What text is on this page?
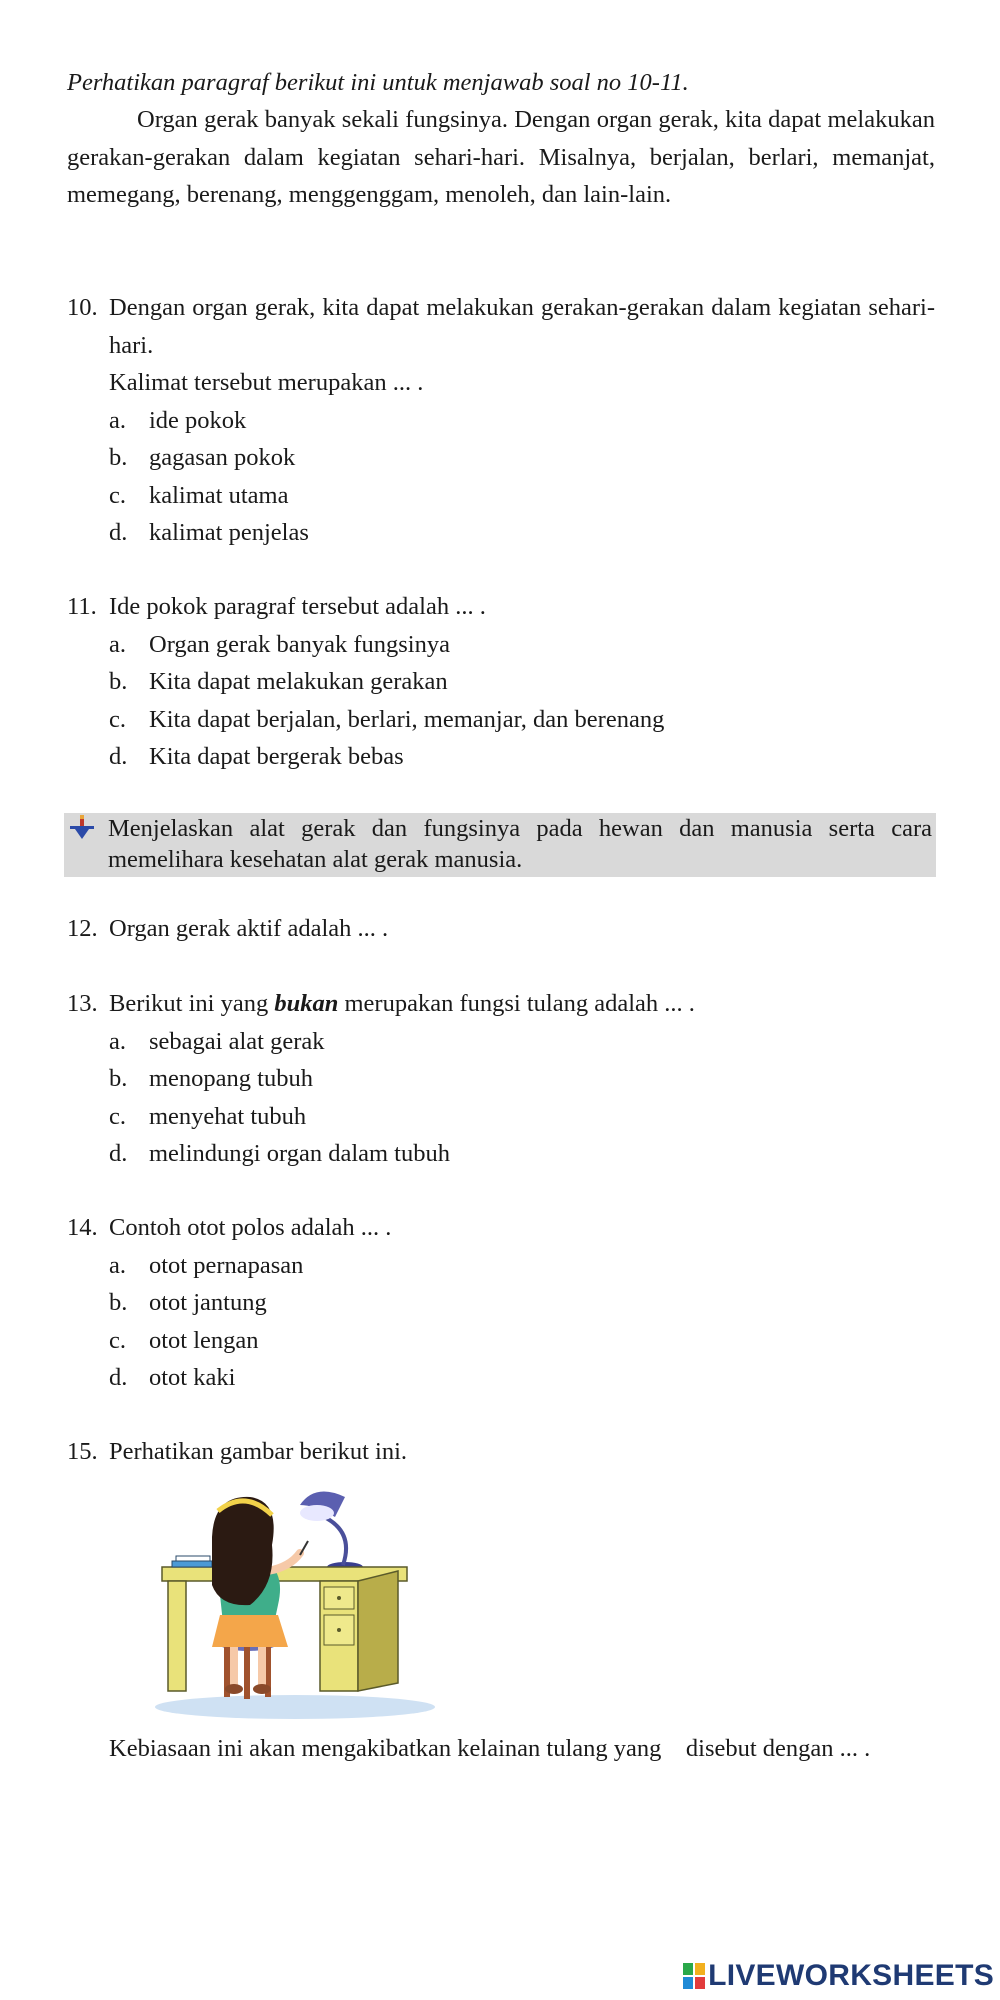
Perhatikan paragraf berikut ini untuk menjawab soal no 10-11.
Organ gerak banyak sekali fungsinya. Dengan organ gerak, kita dapat melakukan gerakan-gerakan dalam kegiatan sehari-hari. Misalnya, berjalan, berlari, memanjat, memegang, berenang, menggenggam, menoleh, dan lain-lain.
10. Dengan organ gerak, kita dapat melakukan gerakan-gerakan dalam kegiatan sehari-hari.
Kalimat tersebut merupakan ... .
a. ide pokok
b. gagasan pokok
c. kalimat utama
d. kalimat penjelas
11. Ide pokok paragraf tersebut adalah ... .
a. Organ gerak banyak fungsinya
b. Kita dapat melakukan gerakan
c. Kita dapat berjalan, berlari, memanjar, dan berenang
d. Kita dapat bergerak bebas
Menjelaskan alat gerak dan fungsinya pada hewan dan manusia serta cara memelihara kesehatan alat gerak manusia.
12. Organ gerak aktif adalah ... .
13. Berikut ini yang bukan merupakan fungsi tulang adalah ... .
a. sebagai alat gerak
b. menopang tubuh
c. menyehat tubuh
d. melindungi organ dalam tubuh
14. Contoh otot polos adalah ... .
a. otot pernapasan
b. otot jantung
c. otot lengan
d. otot kaki
15. Perhatikan gambar berikut ini.
Kebiasaan ini akan mengakibatkan kelainan tulang yang    disebut dengan ... .
LIVEWORKSHEETS
